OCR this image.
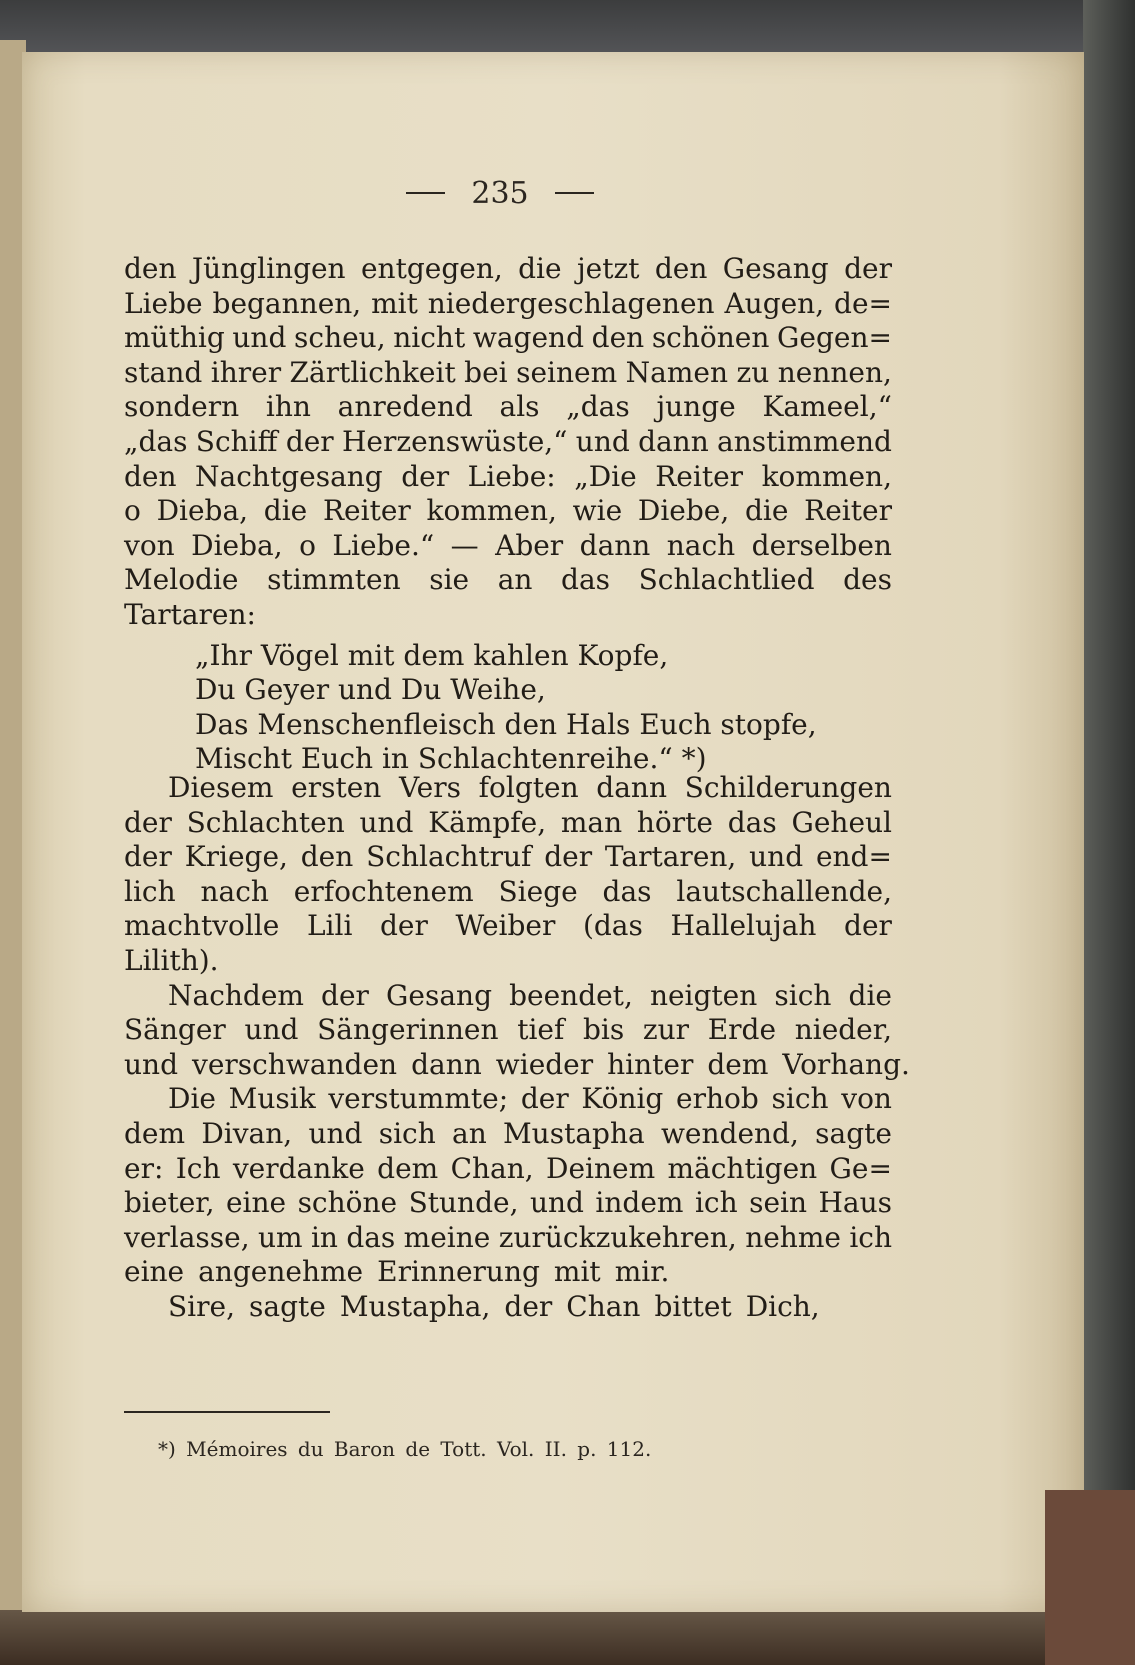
235
den Jünglingen entgegen, die jetzt den Gesang der
Liebe begannen, mit niedergeschlagenen Augen, de=
müthig und scheu, nicht wagend den schönen Gegen=
stand ihrer Zärtlichkeit bei seinem Namen zu nennen,
sondern ihn anredend als „das junge Kameel,“
„das Schiff der Herzenswüste,“ und dann anstimmend
den Nachtgesang der Liebe: „Die Reiter kommen,
o Dieba, die Reiter kommen, wie Diebe, die Reiter
von Dieba, o Liebe.“ — Aber dann nach derselben
Melodie stimmten sie an das Schlachtlied des
Tartaren:
„Ihr Vögel mit dem kahlen Kopfe,
Du Geyer und Du Weihe,
Das Menschenfleisch den Hals Euch stopfe,
Mischt Euch in Schlachtenreihe.“ *)
Diesem ersten Vers folgten dann Schilderungen
der Schlachten und Kämpfe, man hörte das Geheul
der Kriege, den Schlachtruf der Tartaren, und end=
lich nach erfochtenem Siege das lautschallende,
machtvolle Lili der Weiber (das Hallelujah der
Lilith).
Nachdem der Gesang beendet, neigten sich die
Sänger und Sängerinnen tief bis zur Erde nieder,
und verschwanden dann wieder hinter dem Vorhang.
Die Musik verstummte; der König erhob sich von
dem Divan, und sich an Mustapha wendend, sagte
er: Ich verdanke dem Chan, Deinem mächtigen Ge=
bieter, eine schöne Stunde, und indem ich sein Haus
verlasse, um in das meine zurückzukehren, nehme ich
eine angenehme Erinnerung mit mir.
Sire, sagte Mustapha, der Chan bittet Dich,
*) Mémoires du Baron de Tott. Vol. II. p. 112.
